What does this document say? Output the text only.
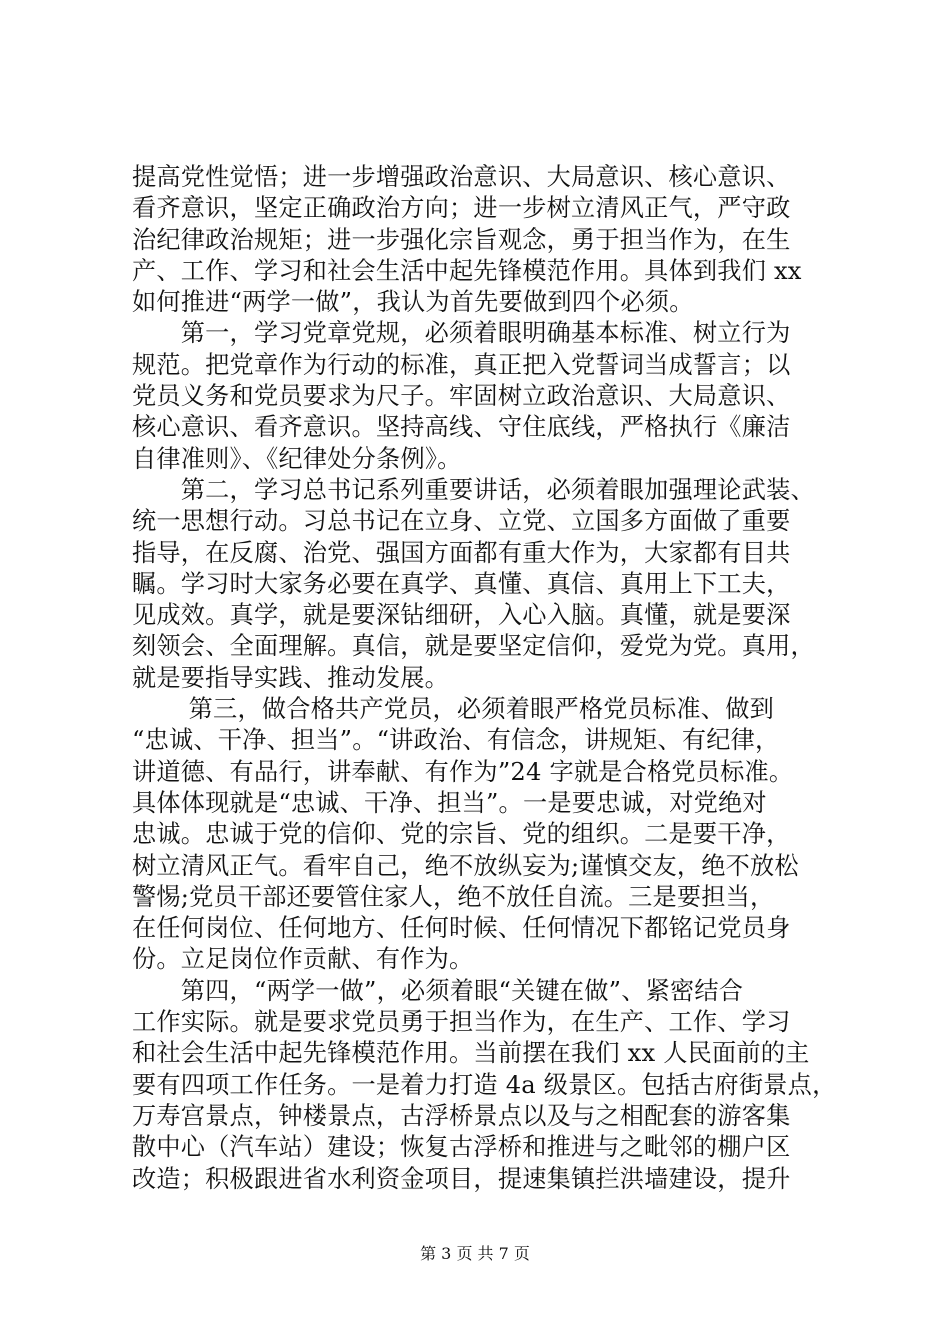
提高党性觉悟；进一步增强政治意识、大局意识、核心意识、
看齐意识，坚定正确政治方向；进一步树立清风正气，严守政
治纪律政治规矩；进一步强化宗旨观念，勇于担当作为，在生
产、工作、学习和社会生活中起先锋模范作用。具体到我们 xx
如何推进“两学一做”，我认为首先要做到四个必须。
　　第一，学习党章党规，必须着眼明确基本标准、树立行为
规范。把党章作为行动的标准，真正把入党誓词当成誓言；以
党员义务和党员要求为尺子。牢固树立政治意识、大局意识、
核心意识、看齐意识。坚持高线、守住底线，严格执行《廉洁
自律准则》、《纪律处分条例》。
　　第二，学习总书记系列重要讲话，必须着眼加强理论武装、
统一思想行动。习总书记在立身、立党、立国多方面做了重要
指导，在反腐、治党、强国方面都有重大作为，大家都有目共
瞩。学习时大家务必要在真学、真懂、真信、真用上下工夫，
见成效。真学，就是要深钻细研，入心入脑。真懂，就是要深
刻领会、全面理解。真信，就是要坚定信仰，爱党为党。真用，
就是要指导实践、推动发展。
　　 第三，做合格共产党员，必须着眼严格党员标准、做到
“忠诚、干净、担当”。“讲政治、有信念，讲规矩、有纪律，
讲道德、有品行，讲奉献、有作为”24 字就是合格党员标准。
具体体现就是“忠诚、干净、担当”。一是要忠诚，对党绝对
忠诚。忠诚于党的信仰、党的宗旨、党的组织。二是要干净，
树立清风正气。看牢自己，绝不放纵妄为;谨慎交友，绝不放松
警惕;党员干部还要管住家人，绝不放任自流。三是要担当，
在任何岗位、任何地方、任何时候、任何情况下都铭记党员身
份。立足岗位作贡献、有作为。
　　第四，“两学一做”，必须着眼“关键在做”、紧密结合
工作实际。就是要求党员勇于担当作为，在生产、工作、学习
和社会生活中起先锋模范作用。当前摆在我们 xx 人民面前的主
要有四项工作任务。一是着力打造 4a 级景区。包括古府街景点，
万寿宫景点，钟楼景点，古浮桥景点以及与之相配套的游客集
散中心（汽车站）建设；恢复古浮桥和推进与之毗邻的棚户区
改造；积极跟进省水利资金项目，提速集镇拦洪墙建设，提升
第 3 页 共 7 页
